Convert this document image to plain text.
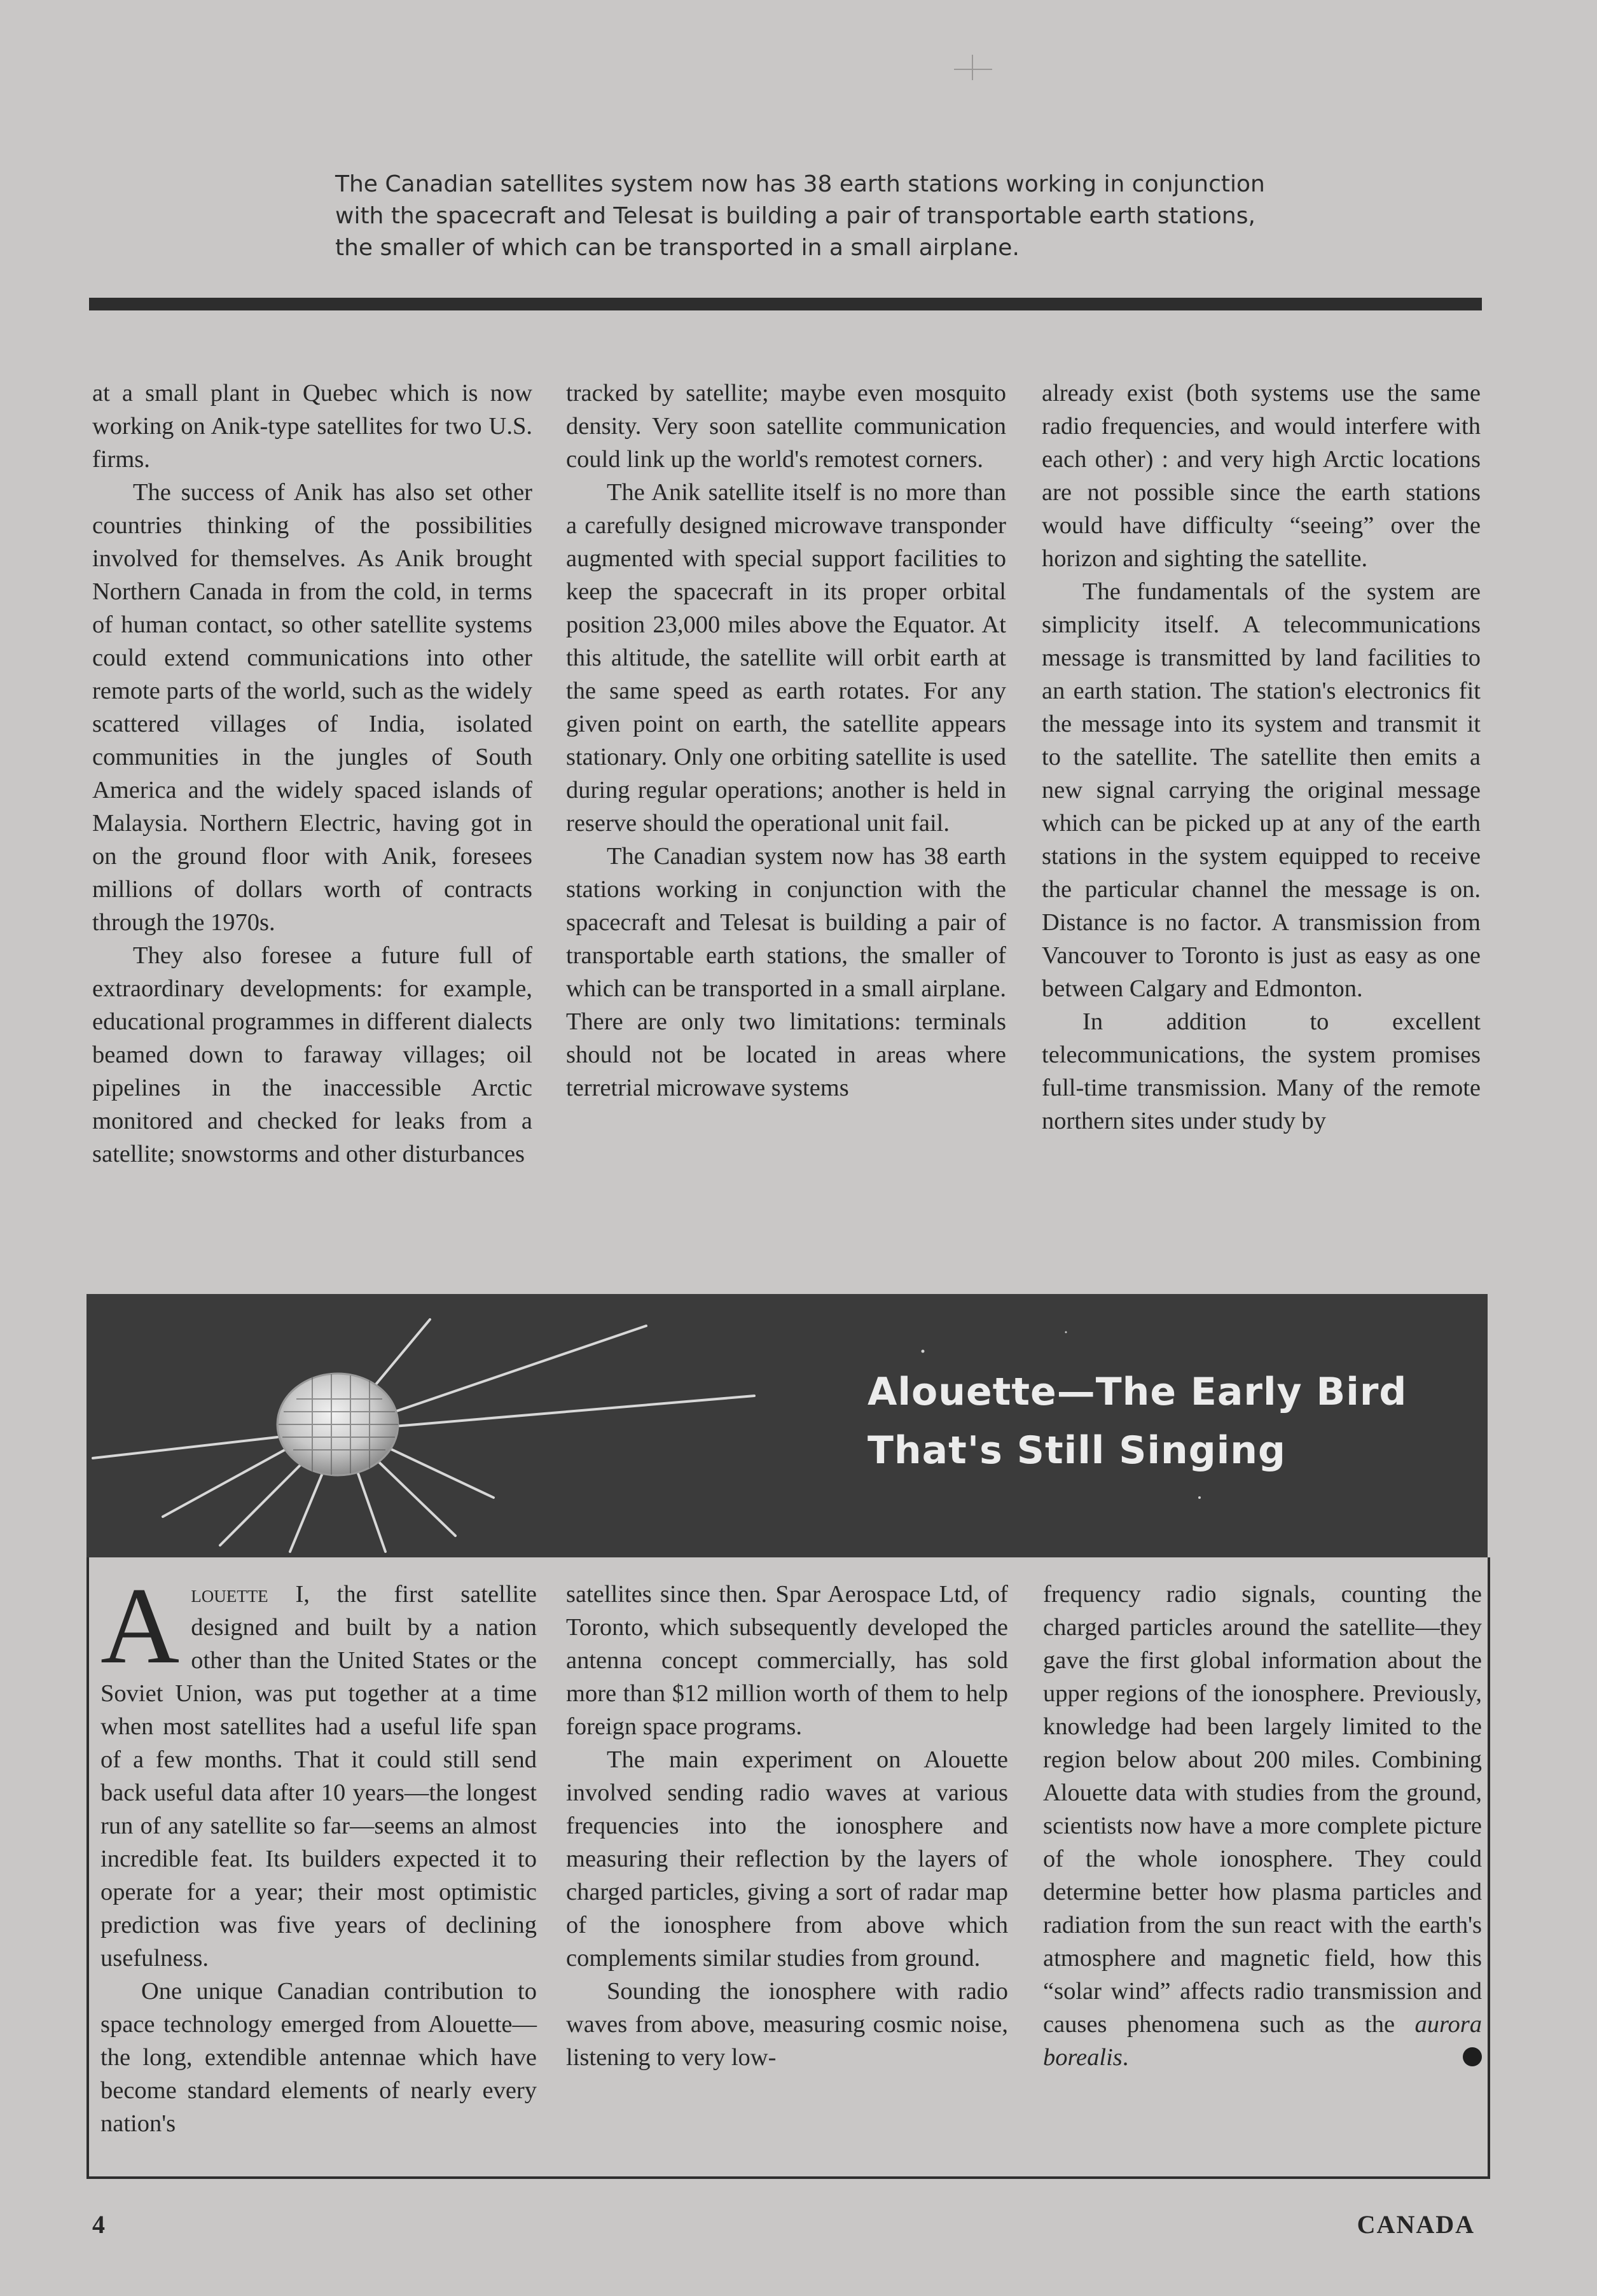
The Canadian satellites system now has 38 earth stations working in conjunction with the spacecraft and Telesat is building a pair of transportable earth stations, the smaller of which can be transported in a small airplane.

at a small plant in Quebec which is now working on Anik-type satellites for two U.S. firms.

The success of Anik has also set other countries thinking of the possibilities involved for themselves. As Anik brought Northern Canada in from the cold, in terms of human contact, so other satellite systems could extend communications into other remote parts of the world, such as the widely scattered villages of India, isolated communities in the jungles of South America and the widely spaced islands of Malaysia. Northern Electric, having got in on the ground floor with Anik, foresees millions of dollars worth of contracts through the 1970s.

They also foresee a future full of extraordinary developments: for example, educational programmes in different dialects beamed down to faraway villages; oil pipelines in the inaccessible Arctic monitored and checked for leaks from a satellite; snowstorms and other disturbances

tracked by satellite; maybe even mosquito density. Very soon satellite communication could link up the world's remotest corners.

The Anik satellite itself is no more than a carefully designed microwave transponder augmented with special support facilities to keep the spacecraft in its proper orbital position 23,000 miles above the Equator. At this altitude, the satellite will orbit earth at the same speed as earth rotates. For any given point on earth, the satellite appears stationary. Only one orbiting satellite is used during regular operations; another is held in reserve should the operational unit fail.

The Canadian system now has 38 earth stations working in conjunction with the spacecraft and Telesat is building a pair of transportable earth stations, the smaller of which can be transported in a small airplane. There are only two limitations: terminals should not be located in areas where terretrial microwave systems

already exist (both systems use the same radio frequencies, and would interfere with each other) : and very high Arctic locations are not possible since the earth stations would have difficulty “seeing” over the horizon and sighting the satellite.

The fundamentals of the system are simplicity itself. A telecommunications message is transmitted by land facilities to an earth station. The station's electronics fit the message into its system and transmit it to the satellite. The satellite then emits a new signal carrying the original message which can be picked up at any of the earth stations in the system equipped to receive the particular channel the message is on. Distance is no factor. A transmission from Vancouver to Toronto is just as easy as one between Calgary and Edmonton.

In addition to excellent telecommunications, the system promises full-time transmission. Many of the remote northern sites under study by

Alouette—The Early Bird
That's Still Singing

Alouette I, the first satellite designed and built by a nation other than the United States or the Soviet Union, was put together at a time when most satellites had a useful life span of a few months. That it could still send back useful data after 10 years—the longest run of any satellite so far—seems an almost incredible feat. Its builders expected it to operate for a year; their most optimistic prediction was five years of declining usefulness.

One unique Canadian contribution to space technology emerged from Alouette—the long, extendible antennae which have become standard elements of nearly every nation's

satellites since then. Spar Aerospace Ltd, of Toronto, which subsequently developed the antenna concept commercially, has sold more than $12 million worth of them to help foreign space programs.

The main experiment on Alouette involved sending radio waves at various frequencies into the ionosphere and measuring their reflection by the layers of charged particles, giving a sort of radar map of the ionosphere from above which complements similar studies from ground.

Sounding the ionosphere with radio waves from above, measuring cosmic noise, listening to very low-

frequency radio signals, counting the charged particles around the satellite—they gave the first global information about the upper regions of the ionosphere. Previously, knowledge had been largely limited to the region below about 200 miles. Combining Alouette data with studies from the ground, scientists now have a more complete picture of the whole ionosphere. They could determine better how plasma particles and radiation from the sun react with the earth's atmosphere and magnetic field, how this “solar wind” affects radio transmission and causes phenomena such as the aurora borealis.

4	CANADA
